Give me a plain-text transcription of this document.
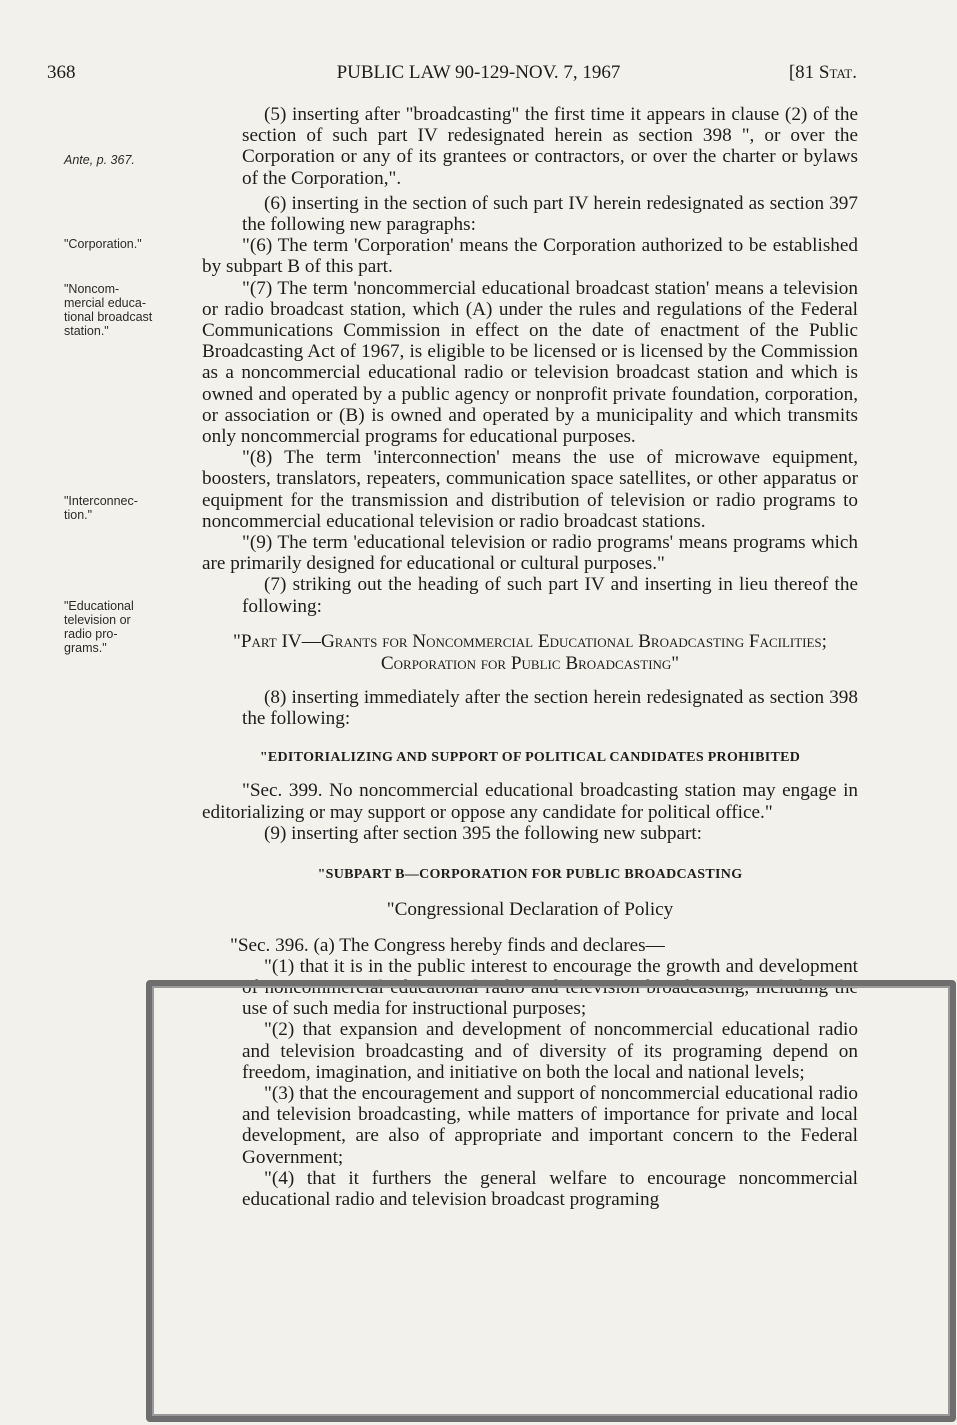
368	PUBLIC LAW 90-129-NOV. 7, 1967	[81 Stat.
Ante, p. 367.
"Corporation."
"Noncom-
mercial educa-
tional broadcast
station."
"Interconnec-
tion."
"Educational
television or
radio pro-
grams."

(5) inserting after "broadcasting" the first time it appears in clause (2) of the section of such part IV redesignated herein as section 398 ", or over the Corporation or any of its grantees or contractors, or over the charter or bylaws of the Corporation,".

(6) inserting in the section of such part IV herein redesignated as section 397 the following new paragraphs:

"(6) The term 'Corporation' means the Corporation authorized to be established by subpart B of this part.

"(7) The term 'noncommercial educational broadcast station' means a television or radio broadcast station, which (A) under the rules and regulations of the Federal Communications Commission in effect on the date of enactment of the Public Broadcasting Act of 1967, is eligible to be licensed or is licensed by the Commission as a noncommercial educational radio or television broadcast station and which is owned and operated by a public agency or nonprofit private foundation, corporation, or association or (B) is owned and operated by a municipality and which transmits only noncommercial programs for educational purposes.

"(8) The term 'interconnection' means the use of microwave equipment, boosters, translators, repeaters, communication space satellites, or other apparatus or equipment for the transmission and distribution of television or radio programs to noncommercial educational television or radio broadcast stations.

"(9) The term 'educational television or radio programs' means programs which are primarily designed for educational or cultural purposes."

(7) striking out the heading of such part IV and inserting in lieu thereof the following:

"Part IV—Grants for Noncommercial Educational Broadcasting Facilities; Corporation for Public Broadcasting"

(8) inserting immediately after the section herein redesignated as section 398 the following:

"EDITORIALIZING AND SUPPORT OF POLITICAL CANDIDATES PROHIBITED

"Sec. 399. No noncommercial educational broadcasting station may engage in editorializing or may support or oppose any candidate for political office."

(9) inserting after section 395 the following new subpart:

"SUBPART B—CORPORATION FOR PUBLIC BROADCASTING

"Congressional Declaration of Policy

"Sec. 396. (a) The Congress hereby finds and declares—

"(1) that it is in the public interest to encourage the growth and development of noncommercial educational radio and television broadcasting, including the use of such media for instructional purposes;

"(2) that expansion and development of noncommercial educational radio and television broadcasting and of diversity of its programing depend on freedom, imagination, and initiative on both the local and national levels;

"(3) that the encouragement and support of noncommercial educational radio and television broadcasting, while matters of importance for private and local development, are also of appropriate and important concern to the Federal Government;

"(4) that it furthers the general welfare to encourage noncommercial educational radio and television broadcast programing
